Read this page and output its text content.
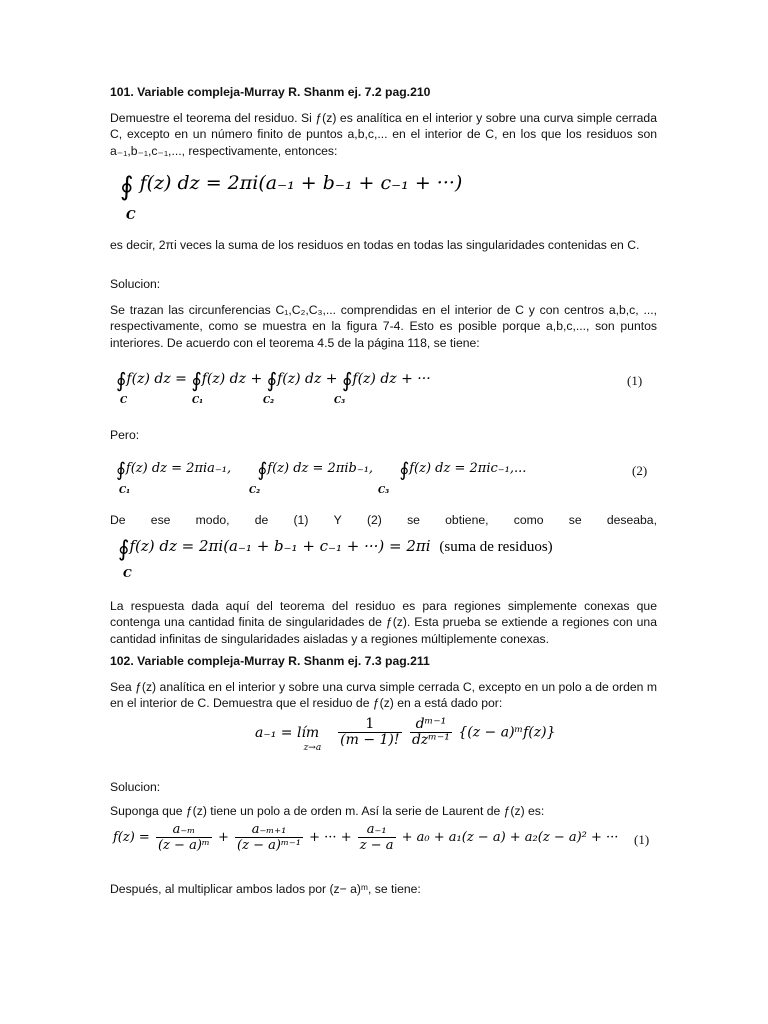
101. Variable compleja-Murray R. Shanm ej. 7.2 pag.210

Demuestre el teorema del residuo. Si ƒ(z) es analítica en el interior y sobre una curva simple cerrada C, excepto en un número finito de puntos a,b,c,... en el interior de C, en los que los residuos son a₋₁,b₋₁,c₋₁,..., respectivamente, entonces:

∮ f(z) dz = 2πi(a₋₁ + b₋₁ + c₋₁ + ···)
C

es decir, 2πi veces la suma de los residuos en todas en todas las singularidades contenidas en C.

Solucion:

Se trazan las circunferencias C₁,C₂,C₃,... comprendidas en el interior de C y con centros a,b,c, ..., respectivamente, como se muestra en la figura 7-4. Esto es posible porque a,b,c,..., son puntos interiores. De acuerdo con el teorema 4.5 de la página 118, se tiene:

∮f(z) dz = ∮f(z) dz + ∮f(z) dz + ∮f(z) dz + ···
C	C₁	C₂	C₃
(1)

Pero:

∮f(z) dz = 2πia₋₁, ∮f(z) dz = 2πib₋₁, ∮f(z) dz = 2πic₋₁,...
C₁	C₂	C₃
(2)
De ese modo, de (1) Y (2) se obtiene, como se deseaba,
∮f(z) dz = 2πi(a₋₁ + b₋₁ + c₋₁ + ···) = 2πi (suma de residuos)
C

La respuesta dada aquí del teorema del residuo es para regiones simplemente conexas que contenga una cantidad finita de singularidades de ƒ(z). Esta prueba se extiende a regiones con una cantidad infinitas de singularidades aisladas y a regiones múltiplemente conexas.

102. Variable compleja-Murray R. Shanm ej. 7.3 pag.211

Sea ƒ(z) analítica en el interior y sobre una curva simple cerrada C, excepto en un polo a de orden m en el interior de C. Demuestra que el residuo de ƒ(z) en a está dado por:

a₋₁ = lím
z→a
$\frac{1}{(m - 1)!}$
$\frac{\text{dᵐ⁻¹}}{\text{dzᵐ⁻¹}} \{(z$ − a)ᵐf(z)}

Solucion:

Suponga que ƒ(z) tiene un polo a de orden m. Así la serie de Laurent de ƒ(z) es:

$f(z) = \frac{\text{a₋ₘ}}{\text{(z − a)ᵐ}} + \frac{\text{a₋ₘ₊₁}}{\text{(z − a)ᵐ⁻¹}}$ + ··· + $\frac{\text{a₋₁}}{z - a} + a_0 + a_1(z - a) + a_2(z - a)^2$ + ··· (1)

Después, al multiplicar ambos lados por (z− a)ᵐ, se tiene:
